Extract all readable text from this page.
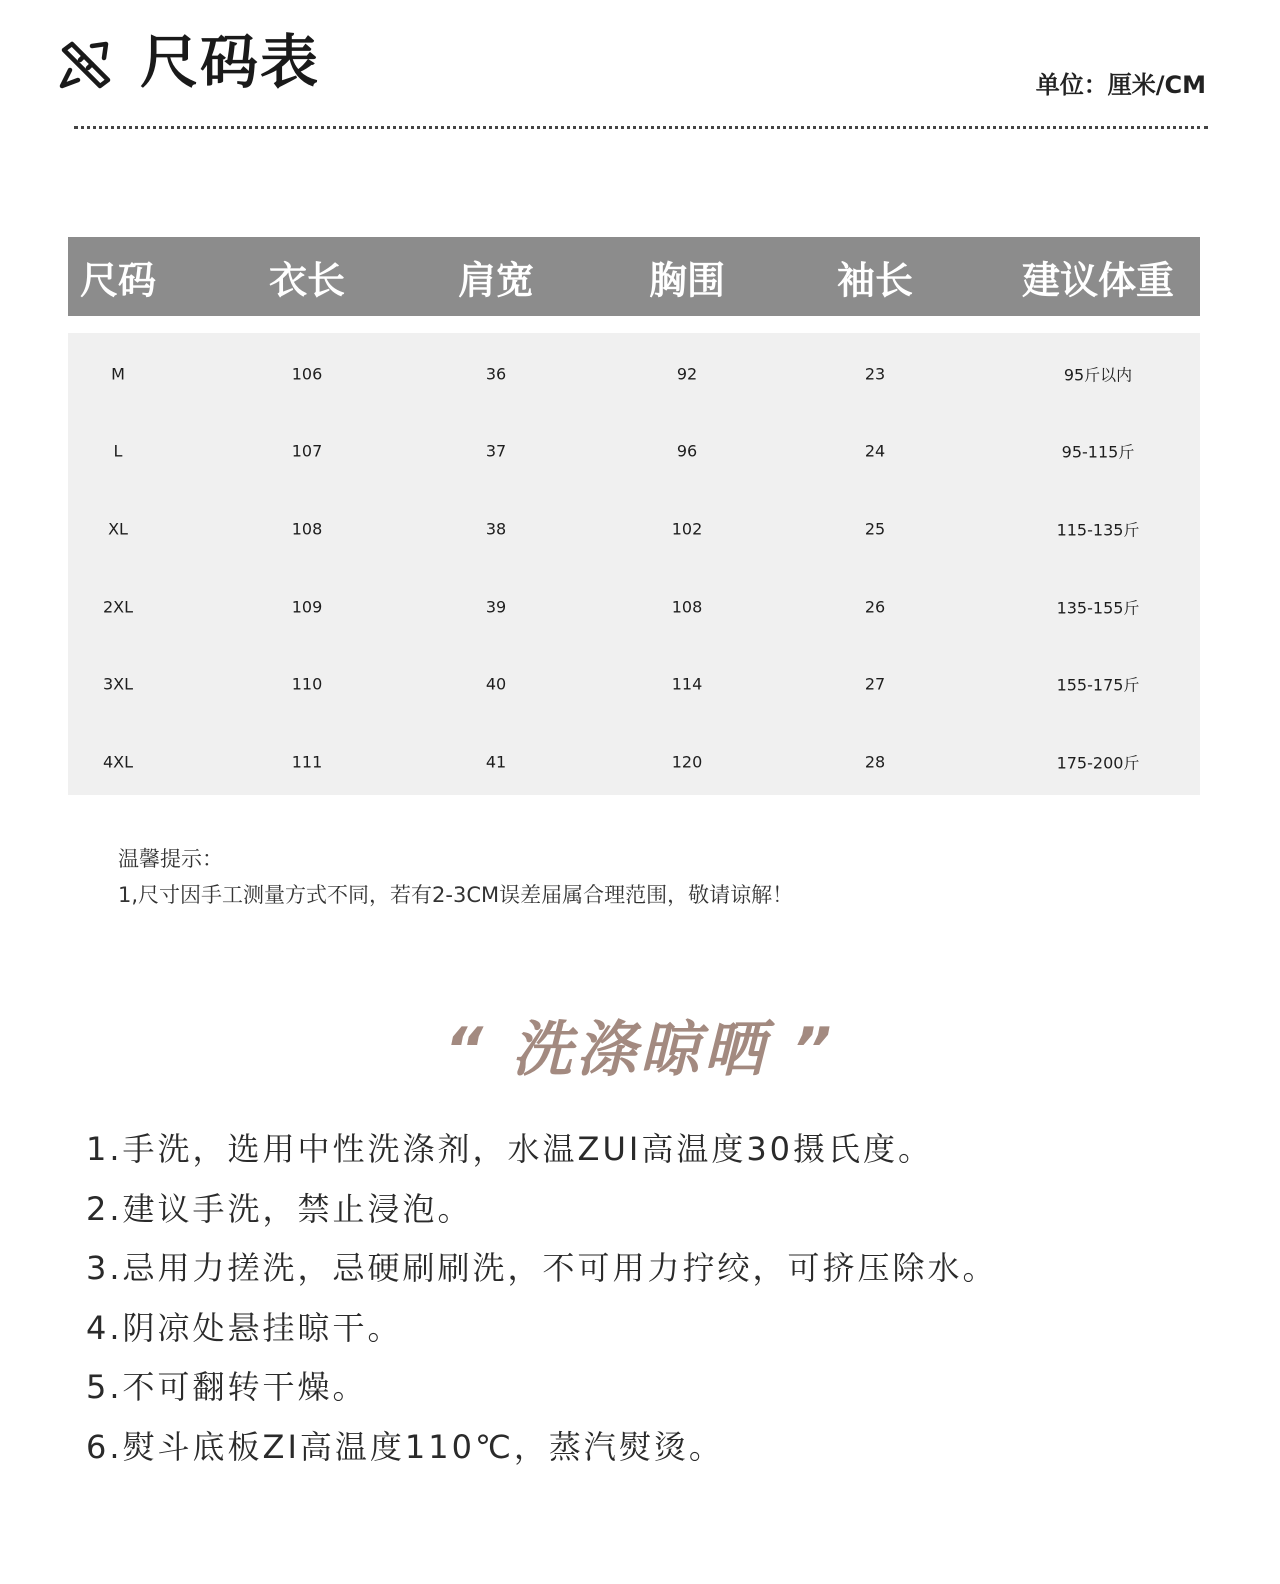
尺码表	单位：厘米/CM
尺码	衣长	肩宽	胸围	袖长	建议体重
M	106	36	92	23	95斤以内
L	107	37	96	24	95-115斤
XL	108	38	102	25	115-135斤
2XL	109	39	108	26	135-155斤
3XL	110	40	114	27	155-175斤
4XL	111	41	120	28	175-200斤
温馨提示：
1,尺寸因手工测量方式不同，若有2-3CM误差届属合理范围，敬请谅解！
“ 洗涤晾晒 ”
1.手洗，选用中性洗涤剂，水温ZUI高温度30摄氏度。
2.建议手洗，禁止浸泡。
3.忌用力搓洗，忌硬刷刷洗，不可用力拧绞，可挤压除水。
4.阴凉处悬挂晾干。
5.不可翻转干燥。
6.熨斗底板ZI高温度110℃，蒸汽熨烫。
